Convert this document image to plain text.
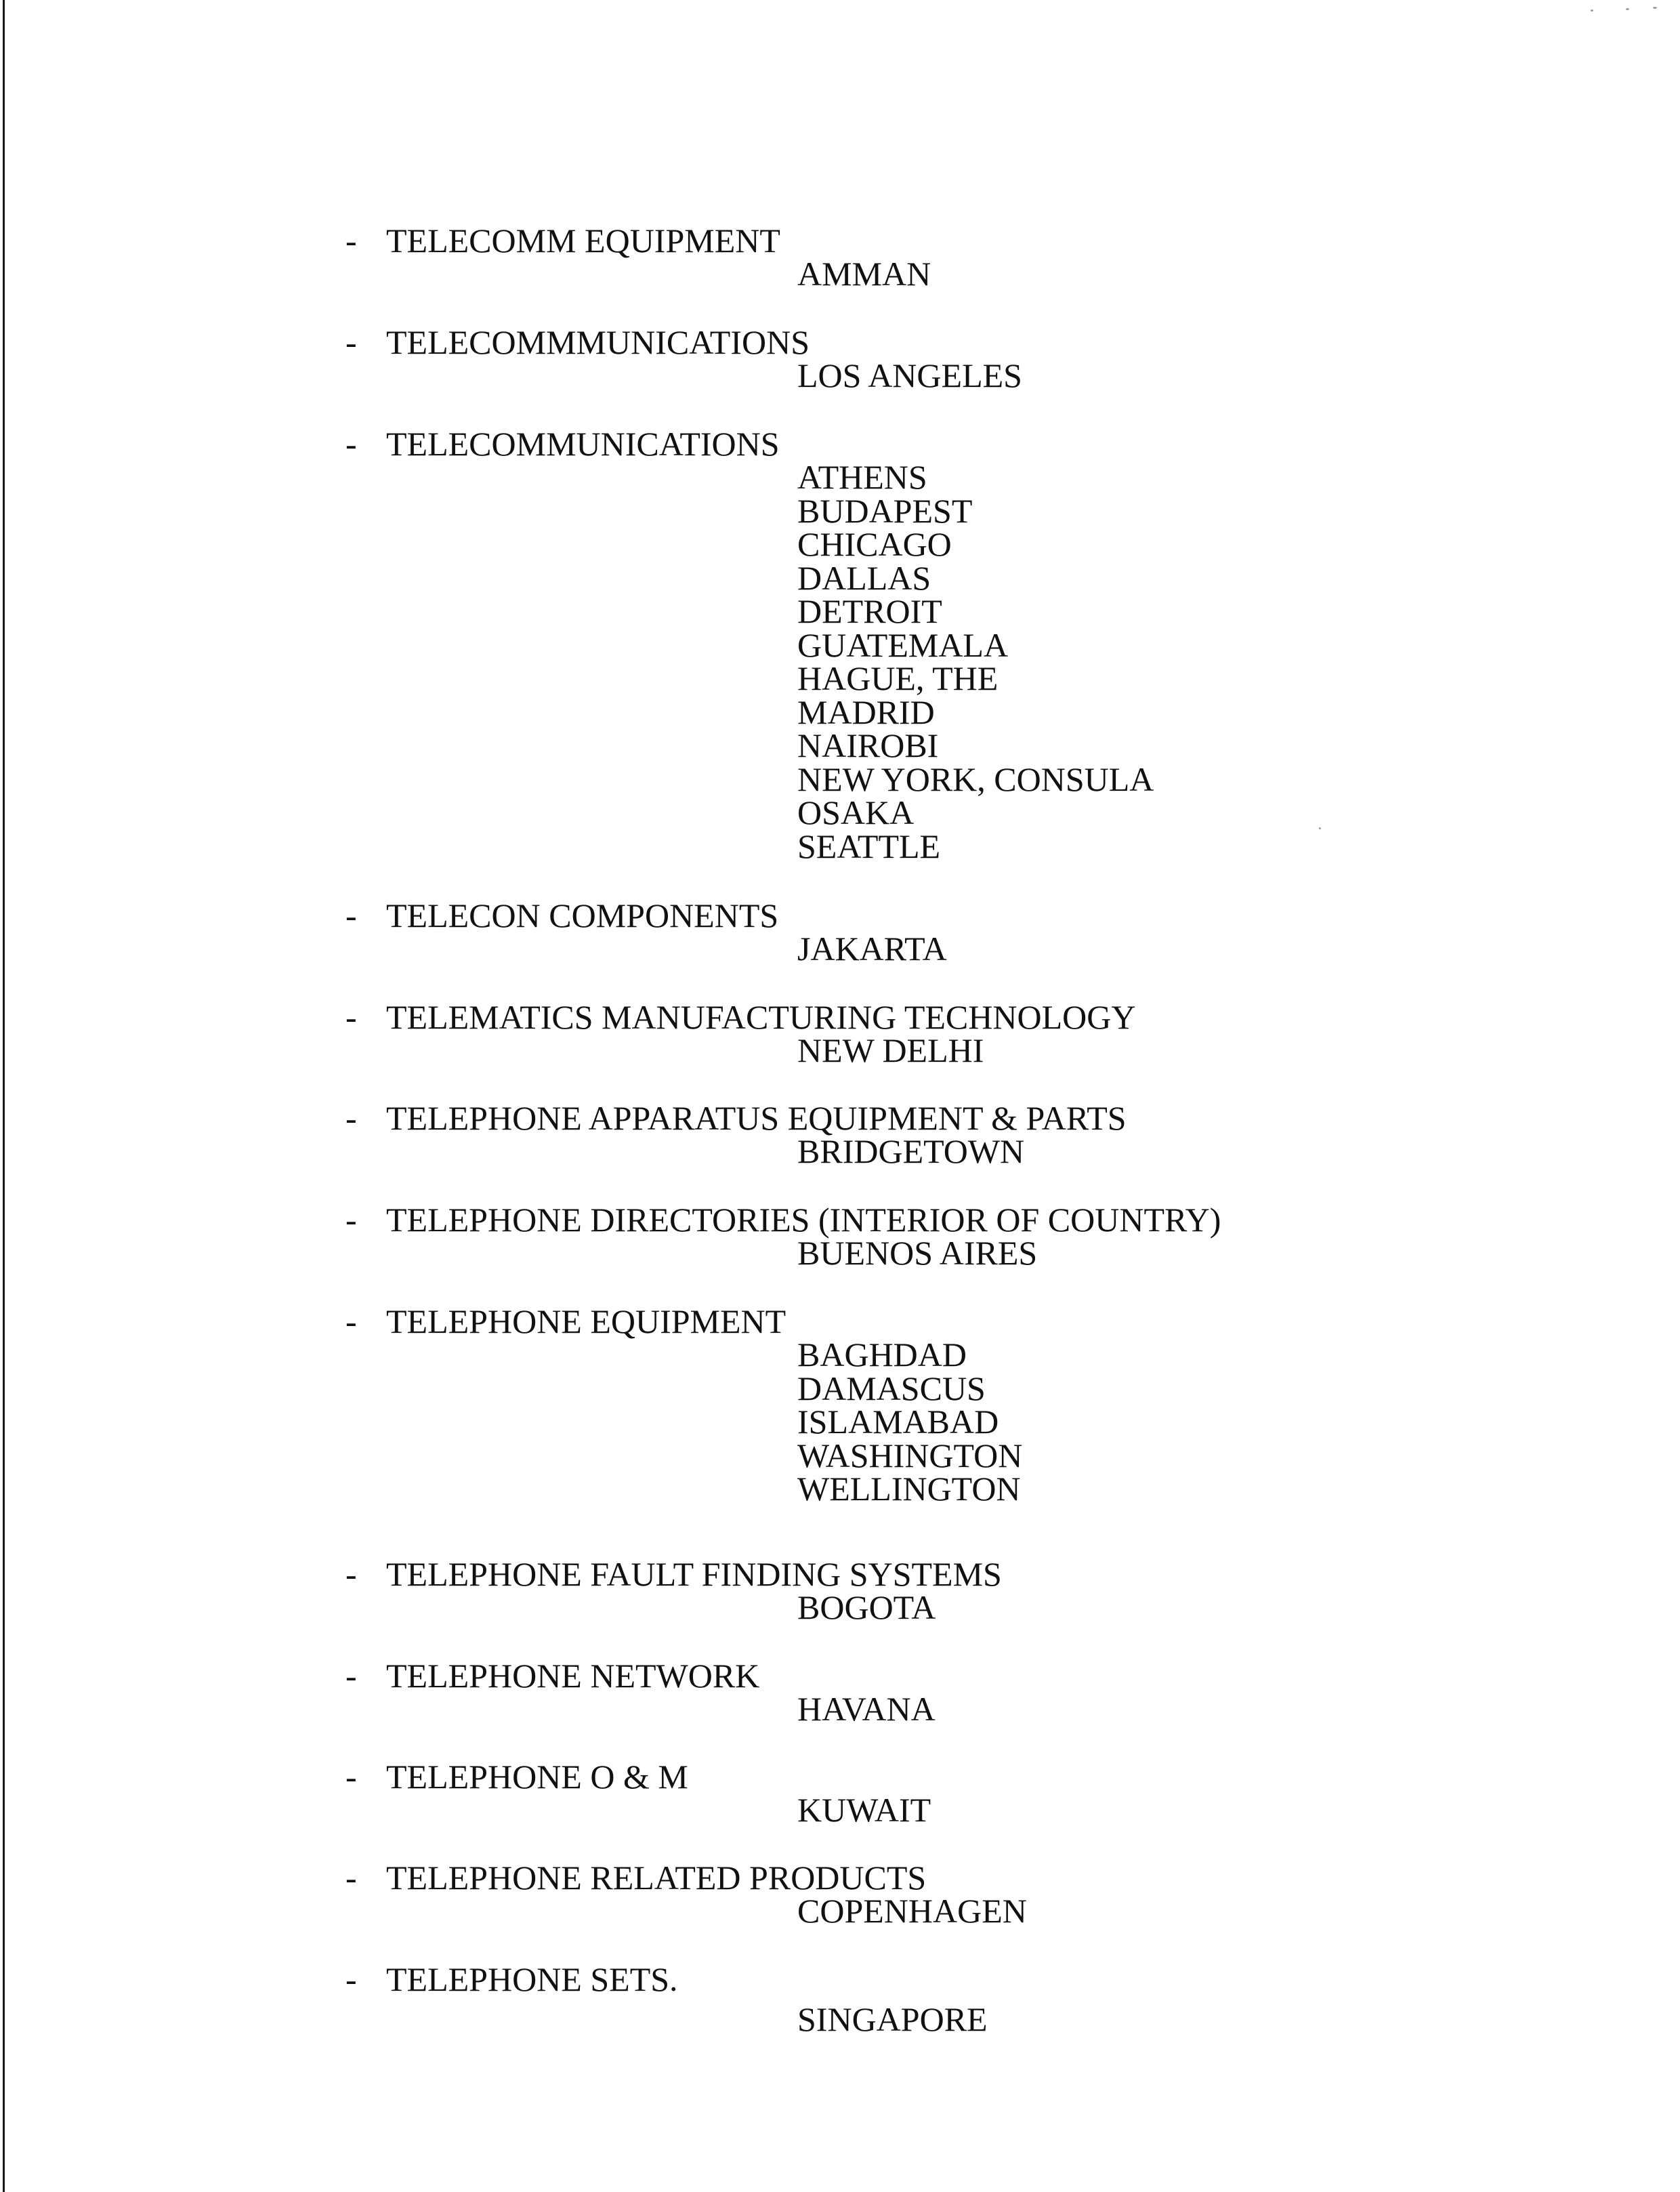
- TELECOMM EQUIPMENT
AMMAN
- TELECOMMMUNICATIONS
LOS ANGELES
- TELECOMMUNICATIONS
ATHENS
BUDAPEST
CHICAGO
DALLAS
DETROIT
GUATEMALA
HAGUE, THE
MADRID
NAIROBI
NEW YORK, CONSULA
OSAKA
SEATTLE
- TELECON COMPONENTS
JAKARTA
- TELEMATICS MANUFACTURING TECHNOLOGY
NEW DELHI
- TELEPHONE APPARATUS EQUIPMENT & PARTS
BRIDGETOWN
- TELEPHONE DIRECTORIES (INTERIOR OF COUNTRY)
BUENOS AIRES
- TELEPHONE EQUIPMENT
BAGHDAD
DAMASCUS
ISLAMABAD
WASHINGTON
WELLINGTON
- TELEPHONE FAULT FINDING SYSTEMS
BOGOTA
- TELEPHONE NETWORK
HAVANA
- TELEPHONE O & M
KUWAIT
- TELEPHONE RELATED PRODUCTS
COPENHAGEN
- TELEPHONE SETS.
SINGAPORE
